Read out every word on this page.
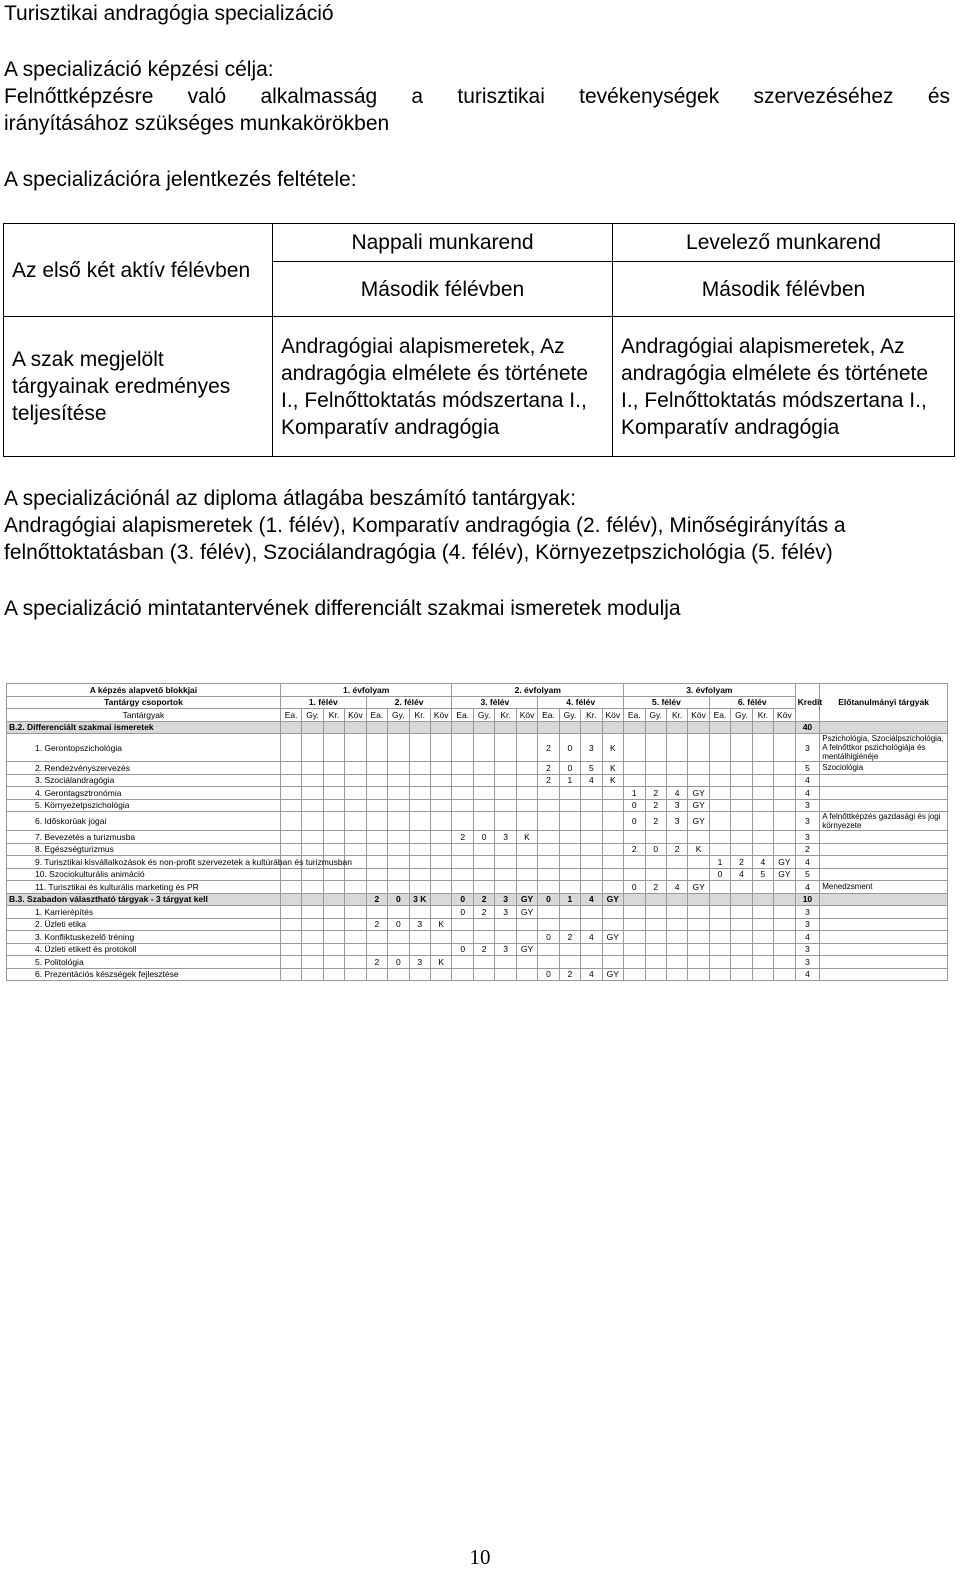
Turisztikai andragógia specializáció
A specializáció képzési célja:
Felnőttképzésre való alkalmasság a turisztikai tevékenységek szervezéséhez és
irányításához szükséges munkakörökben
A specializációra jelentkezés feltétele:
Az első két aktív félévben	Nappali munkarend	Levelező munkarend
	Második félévben	Második félévben
A szak megjelölt tárgyainak eredményes teljesítése	Andragógiai alapismeretek, Az andragógia elmélete és története I., Felnőttoktatás módszertana I., Komparatív andragógia	Andragógiai alapismeretek, Az andragógia elmélete és története I., Felnőttoktatás módszertana I., Komparatív andragógia
A specializációnál az diploma átlagába beszámító tantárgyak:
Andragógiai alapismeretek (1. félév), Komparatív andragógia (2. félév), Minőségirányítás a felnőttoktatásban (3. félév), Szociálandragógia (4. félév), Környezetpszichológia (5. félév)
A specializáció mintatantervének differenciált szakmai ismeretek modulja
A képzés alapvető blokkjai	1. évfolyam								2. évfolyam								3. évfolyam								Kredit	Előtanulmányi tárgyak
Tantárgy csoportok	1. félév				2. félév				3. félév				4. félév				5. félév				6. félév					
Tantárgyak	Ea.	Gy.	Kr.	Köv	Ea.	Gy.	Kr.	Köv	Ea.	Gy.	Kr.	Köv	Ea.	Gy.	Kr.	Köv	Ea.	Gy.	Kr.	Köv	Ea.	Gy.	Kr.	Köv		
B.2. Differenciált szakmai ismeretek																									40	
1. Gerontopszichológia													2	0	3	K									3	Pszichológia, Szociálpszichológia, A felnőttkor pszichológiája és mentálhigiénéje
2. Rendezvényszervezés													2	0	5	K									5	Szociológia
3. Szociálandragógia													2	1	4	K									4	
4. Gerontagsztronómia																	1	2	4	GY					4	
5. Környezetpszichológia																	0	2	3	GY					3	
6. Időskorúak jogai																	0	2	3	GY					3	A felnőttképzés gazdasági és jogi környezete
7. Bevezetés a turizmusba									2	0	3	K													3	
8. Egészségturizmus																	2	0	2	K					2	
9. Turisztikai kisvállalkozások és non-profit szervezetek a kultúrában és turizmusban																					1	2	4	GY	4	
10. Szociokulturális animáció																					0	4	5	GY	5	
11. Turisztikai és kulturális marketing és PR																	0	2	4	GY					4	Menedzsment
B.3. Szabadon választható tárgyak - 3 tárgyat kell					2	0	3 K		0	2	3	GY	0	1	4	GY									10	
1. Karrierépítés									0	2	3	GY													3	
2. Üzleti etika					2	0	3	K																	3	
3. Konfliktuskezelő tréning													0	2	4	GY									4	
4. Üzleti etikett és protokoll									0	2	3	GY													3	
5. Politológia					2	0	3	K																	3	
6. Prezentációs készségek fejlesztése													0	2	4	GY									4	
10
